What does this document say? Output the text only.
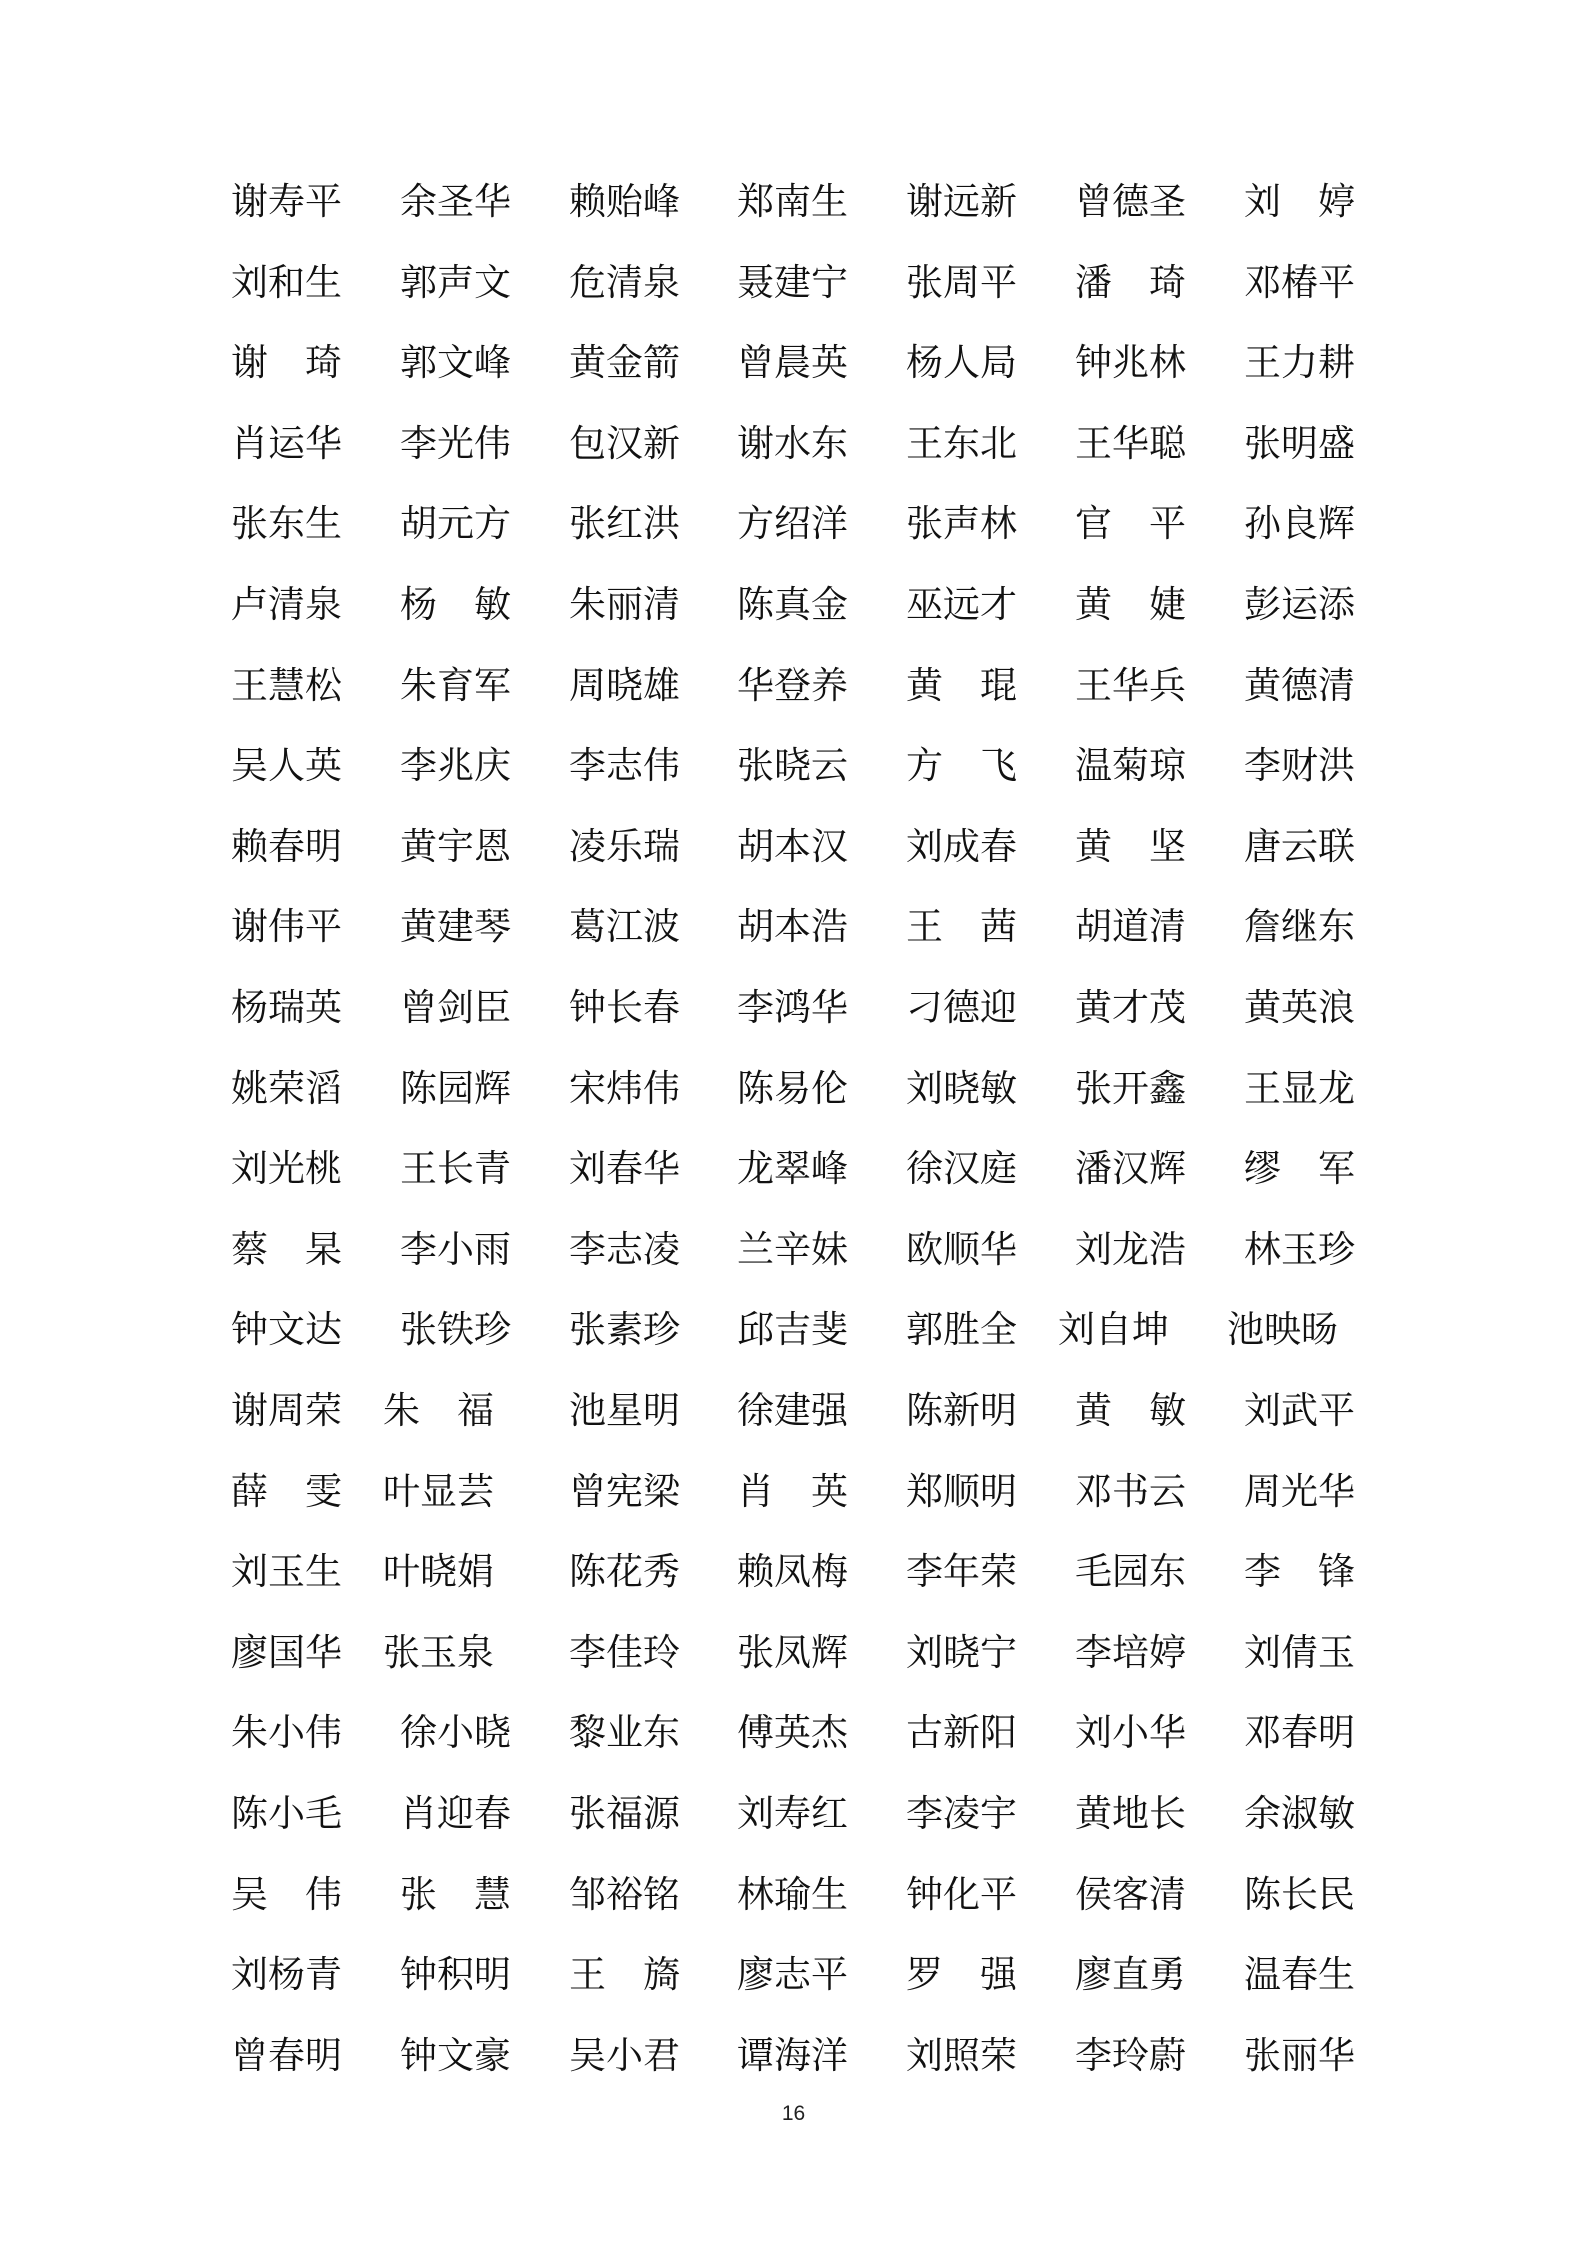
谢寿平 余圣华 赖贻峰 郑南生 谢远新 曾德圣 刘　婷
刘和生 郭声文 危清泉 聂建宁 张周平 潘　琦 邓椿平
谢　琦 郭文峰 黄金箭 曾晨英 杨人局 钟兆林 王力耕
肖运华 李光伟 包汉新 谢水东 王东北 王华聪 张明盛
张东生 胡元方 张红洪 方绍洋 张声林 官　平 孙良辉
卢清泉 杨　敏 朱丽清 陈真金 巫远才 黄　婕 彭运添
王慧松 朱育军 周晓雄 华登养 黄　琨 王华兵 黄德清
吴人英 李兆庆 李志伟 张晓云 方　飞 温菊琼 李财洪
赖春明 黄宇恩 凌乐瑞 胡本汉 刘成春 黄　坚 唐云联
谢伟平 黄建琴 葛江波 胡本浩 王　茜 胡道清 詹继东
杨瑞英 曾剑臣 钟长春 李鸿华 刁德迎 黄才茂 黄英浪
姚荣滔 陈园辉 宋炜伟 陈易伦 刘晓敏 张开鑫 王显龙
刘光桃 王长青 刘春华 龙翠峰 徐汉庭 潘汉辉 缪　军
蔡　杲 李小雨 李志凌 兰辛妹 欧顺华 刘龙浩 林玉珍
钟文达 张铁珍 张素珍 邱吉斐 郭胜全 刘自坤 池映旸
谢周荣 朱　福 池星明 徐建强 陈新明 黄　敏 刘武平
薛　雯 叶显芸 曾宪梁 肖　英 郑顺明 邓书云 周光华
刘玉生 叶晓娟 陈花秀 赖凤梅 李年荣 毛园东 李　锋
廖国华 张玉泉 李佳玲 张凤辉 刘晓宁 李培婷 刘倩玉
朱小伟 徐小晓 黎业东 傅英杰 古新阳 刘小华 邓春明
陈小毛 肖迎春 张福源 刘寿红 李凌宇 黄地长 余淑敏
吴　伟 张　慧 邹裕铭 林瑜生 钟化平 侯客清 陈长民
刘杨青 钟积明 王　旖 廖志平 罗　强 廖直勇 温春生
曾春明 钟文豪 吴小君 谭海洋 刘照荣 李玲蔚 张丽华
16
